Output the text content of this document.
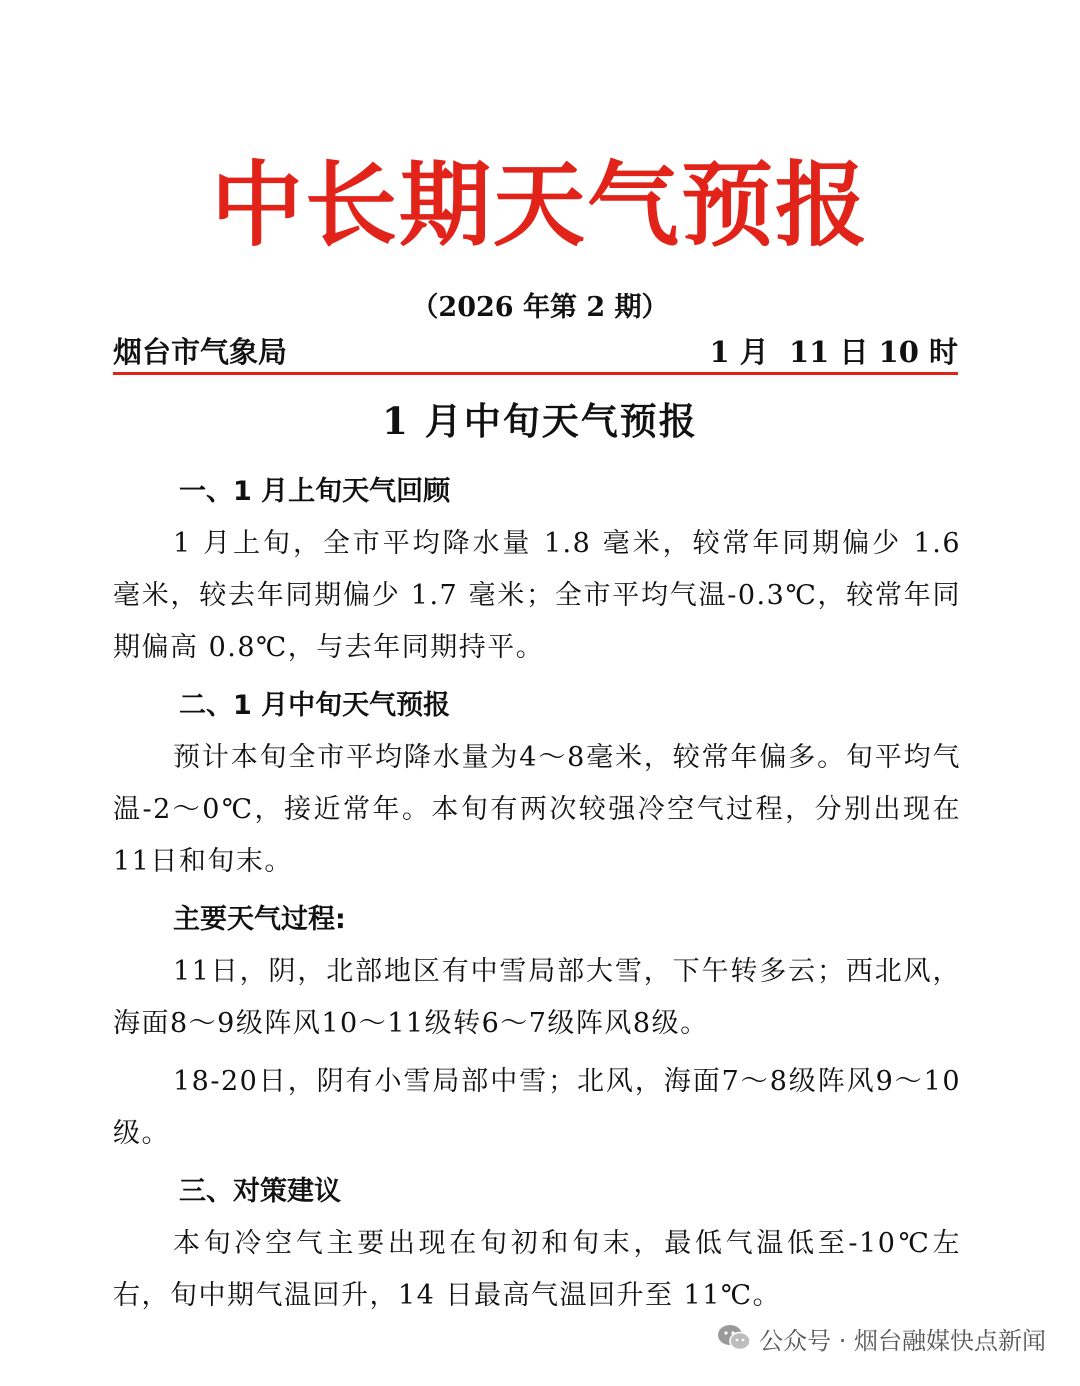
中长期天气预报
（2026 年第 2 期）
烟台市气象局	1 月  11 日 10 时
1 月中旬天气预报

一、1 月上旬天气回顾

1 月上旬，全市平均降水量 1.8 毫米，较常年同期偏少 1.6 毫米，较去年同期偏少 1.7 毫米；全市平均气温-0.3℃，较常年同期偏高 0.8℃，与去年同期持平。

二、1 月中旬天气预报

预计本旬全市平均降水量为4～8毫米，较常年偏多。旬平均气温-2～0℃，接近常年。本旬有两次较强冷空气过程，分别出现在11日和旬末。

主要天气过程:

11日，阴，北部地区有中雪局部大雪，下午转多云；西北风，海面8～9级阵风10～11级转6～7级阵风8级。

18-20日，阴有小雪局部中雪；北风，海面7～8级阵风9～10级。

三、对策建议

本旬冷空气主要出现在旬初和旬末，最低气温低至-10℃左右，旬中期气温回升，14 日最高气温回升至 11℃。

公众号 · 烟台融媒快点新闻
